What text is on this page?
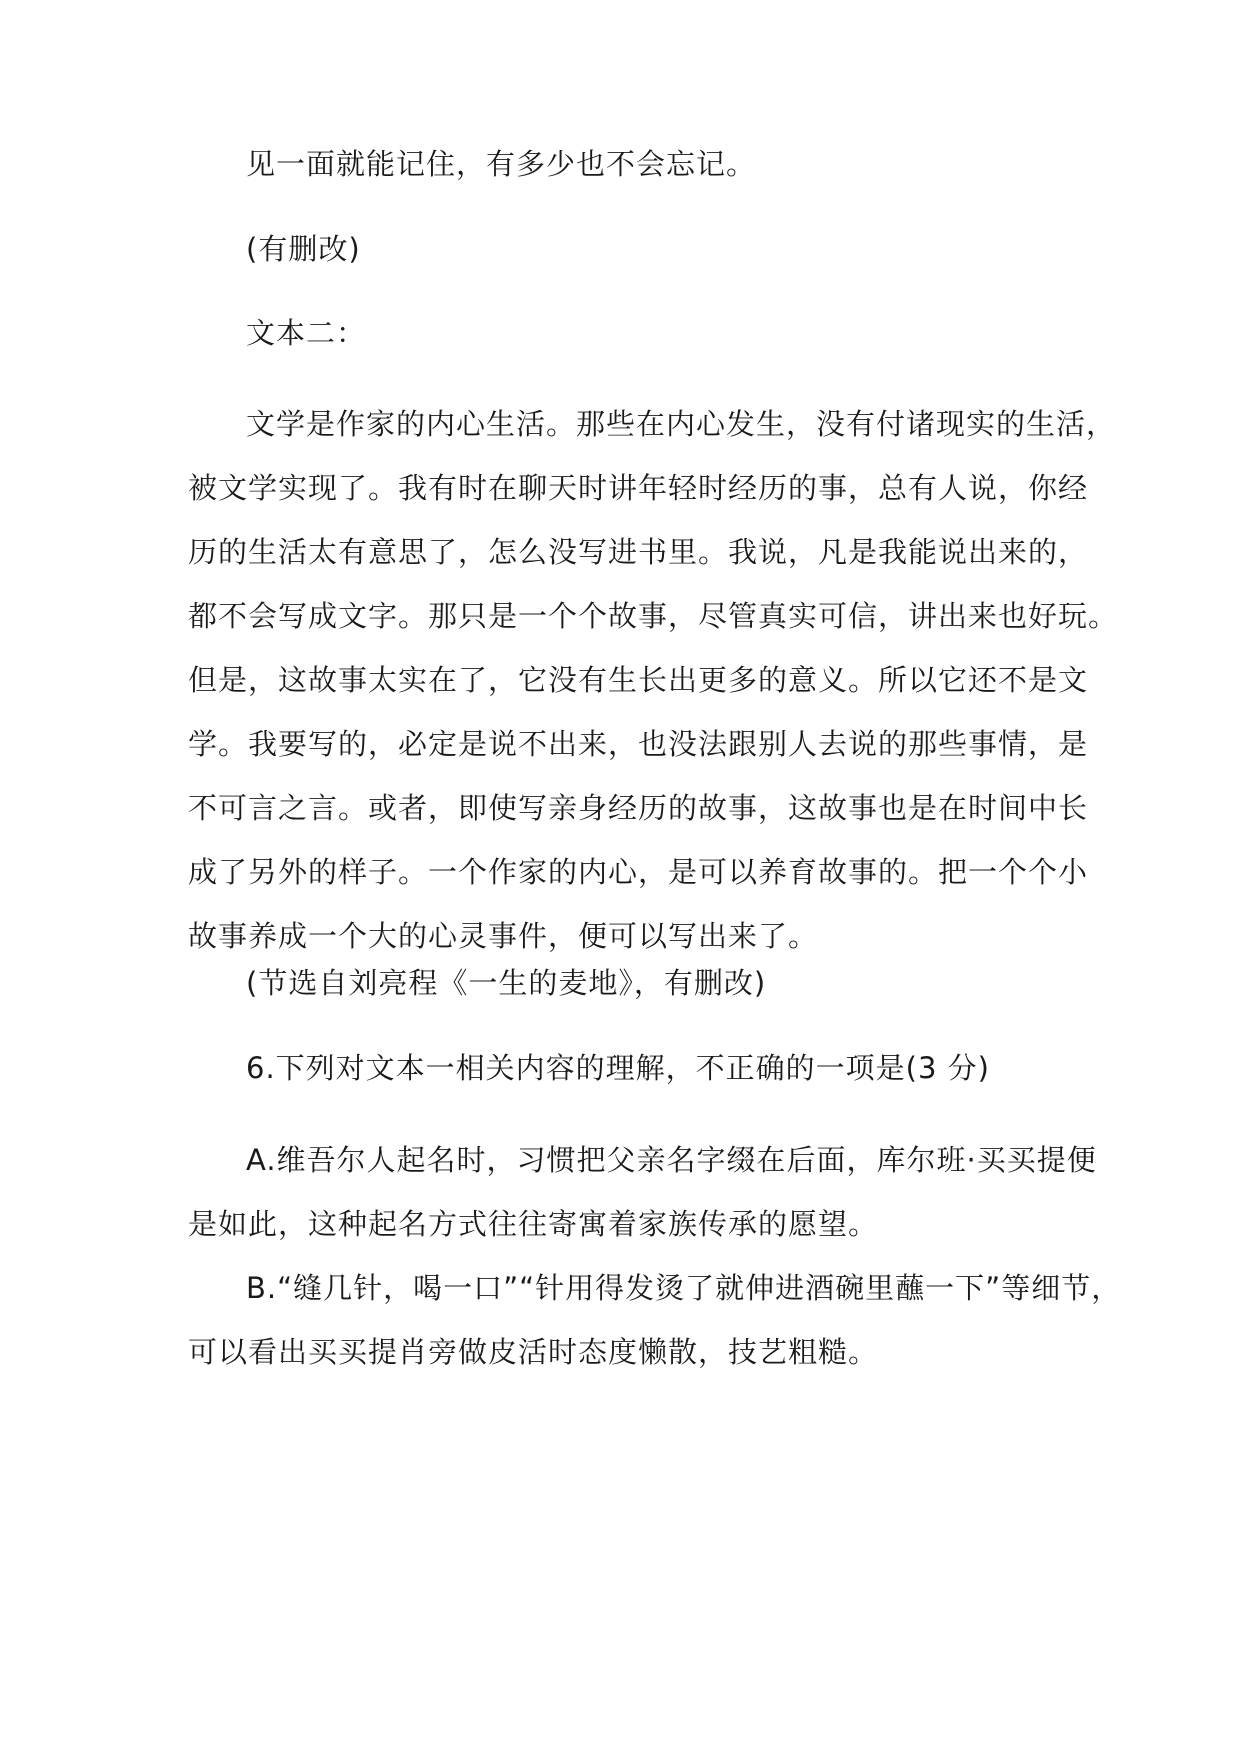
见一面就能记住，有多少也不会忘记。
(有删改)
文本二：
文学是作家的内心生活。那些在内心发生，没有付诸现实的生活，
被文学实现了。我有时在聊天时讲年轻时经历的事，总有人说，你经
历的生活太有意思了，怎么没写进书里。我说，凡是我能说出来的，
都不会写成文字。那只是一个个故事，尽管真实可信，讲出来也好玩。
但是，这故事太实在了，它没有生长出更多的意义。所以它还不是文
学。我要写的，必定是说不出来，也没法跟别人去说的那些事情，是
不可言之言。或者，即使写亲身经历的故事，这故事也是在时间中长
成了另外的样子。一个作家的内心，是可以养育故事的。把一个个小
故事养成一个大的心灵事件，便可以写出来了。
(节选自刘亮程《一生的麦地》，有删改)
6.下列对文本一相关内容的理解，不正确的一项是(3 分)
A.维吾尔人起名时，习惯把父亲名字缀在后面，库尔班·买买提便
是如此，这种起名方式往往寄寓着家族传承的愿望。
B.“缝几针，喝一口”“针用得发烫了就伸进酒碗里蘸一下”等细节，
可以看出买买提肖旁做皮活时态度懒散，技艺粗糙。
